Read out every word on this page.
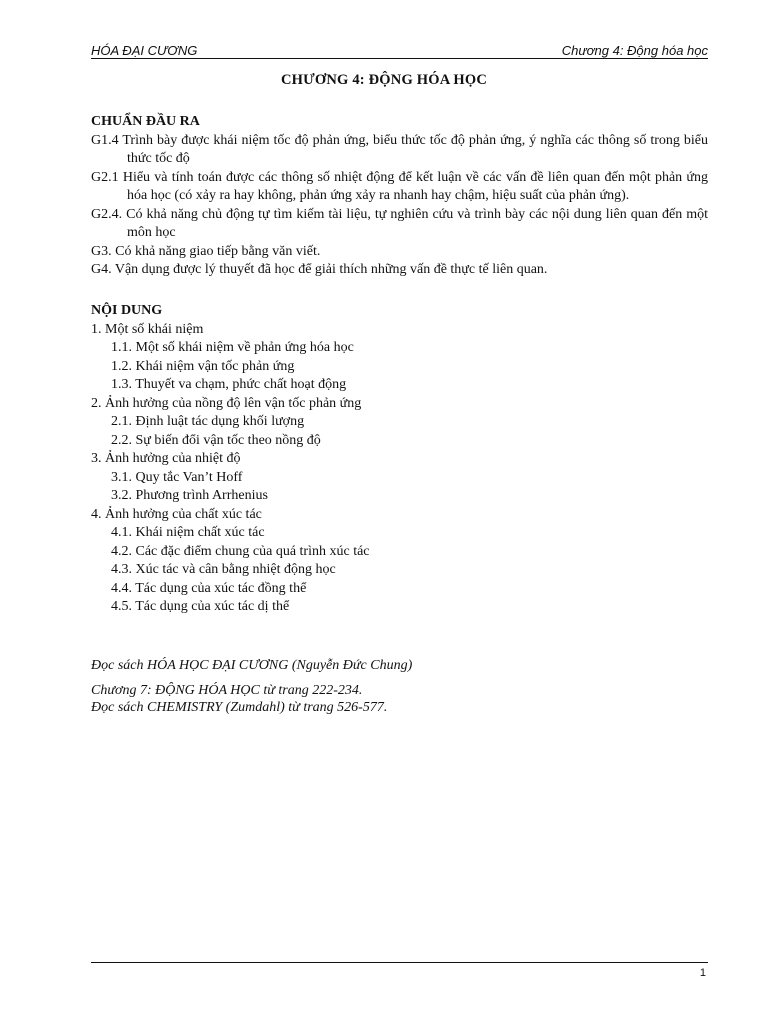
HÓA ĐẠI CƯƠNG	Chương 4: Động hóa học
CHƯƠNG 4: ĐỘNG HÓA HỌC
CHUẨN ĐẦU RA
G1.4 Trình bày được khái niệm tốc độ phản ứng, biểu thức tốc độ phản ứng, ý nghĩa các thông số trong biểu thức tốc độ
G2.1 Hiểu và tính toán được các thông số nhiệt động để kết luận về các vấn đề liên quan đến một phản ứng hóa học (có xảy ra hay không, phản ứng xảy ra nhanh hay chậm, hiệu suất của phản ứng).
G2.4. Có khả năng chủ động tự tìm kiếm tài liệu, tự nghiên cứu và trình bày các nội dung liên quan đến một môn học
G3. Có khả năng giao tiếp bằng văn viết.
G4. Vận dụng được lý thuyết đã học để giải thích những vấn đề thực tế liên quan.
NỘI DUNG
1. Một số khái niệm
1.1. Một số khái niệm về phản ứng hóa học
1.2. Khái niệm vận tốc phản ứng
1.3. Thuyết va chạm, phức chất hoạt động
2. Ảnh hưởng của nồng độ lên vận tốc phản ứng
2.1. Định luật tác dụng khối lượng
2.2. Sự biến đổi vận tốc theo nồng độ
3. Ảnh hưởng của nhiệt độ
3.1. Quy tắc Van’t Hoff
3.2. Phương trình Arrhenius
4. Ảnh hưởng của chất xúc tác
4.1. Khái niệm chất xúc tác
4.2. Các đặc điểm chung của quá trình xúc tác
4.3. Xúc tác và cân bằng nhiệt động học
4.4. Tác dụng của xúc tác đồng thể
4.5. Tác dụng của xúc tác dị thể
Đọc sách HÓA HỌC ĐẠI CƯƠNG (Nguyễn Đức Chung)
Chương 7: ĐỘNG HÓA HỌC từ trang 222-234.
Đọc sách CHEMISTRY (Zumdahl) từ trang 526-577.
1
